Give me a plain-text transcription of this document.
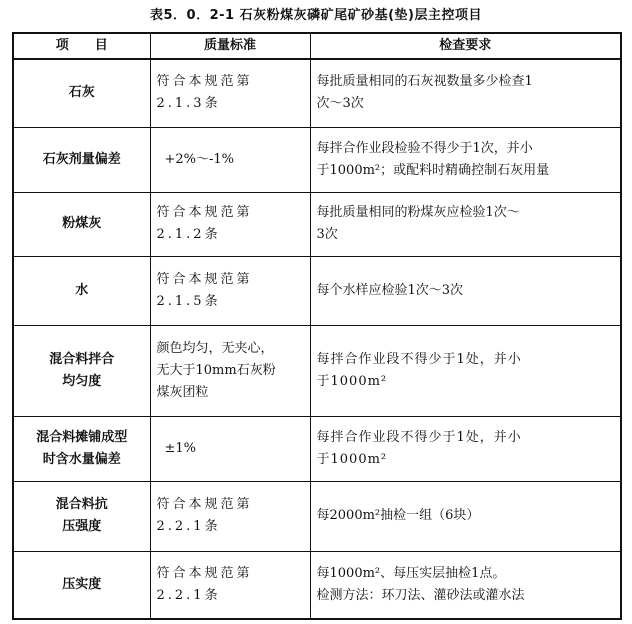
表5．0．2-1 石灰粉煤灰磷矿尾矿砂基(垫)层主控项目
项　　目	质量标准	检查要求

石灰	符合本规范第
2.1.3条	每批质量相同的石灰视数量多少检查1
次～3次

石灰剂量偏差	+2%～-1%	每拌合作业段检验不得少于1次，并小
于1000m²；或配料时精确控制石灰用量

粉煤灰	符合本规范第
2.1.2条	每批质量相同的粉煤灰应检验1次～
3次

水	符合本规范第
2.1.5条	每个水样应检验1次～3次

混合料拌合
均匀度	颜色均匀，无夹心，
无大于10mm石灰粉
煤灰团粒	每拌合作业段不得少于1处，并小
于1000m²

混合料摊铺成型
时含水量偏差	±1%	每拌合作业段不得少于1处，并小
于1000m²

混合料抗
压强度	符合本规范第
2.2.1条	每2000m²抽检一组（6块）

压实度	符合本规范第
2.2.1条	每1000m²、每压实层抽检1点。
检测方法：环刀法、灌砂法或灌水法
